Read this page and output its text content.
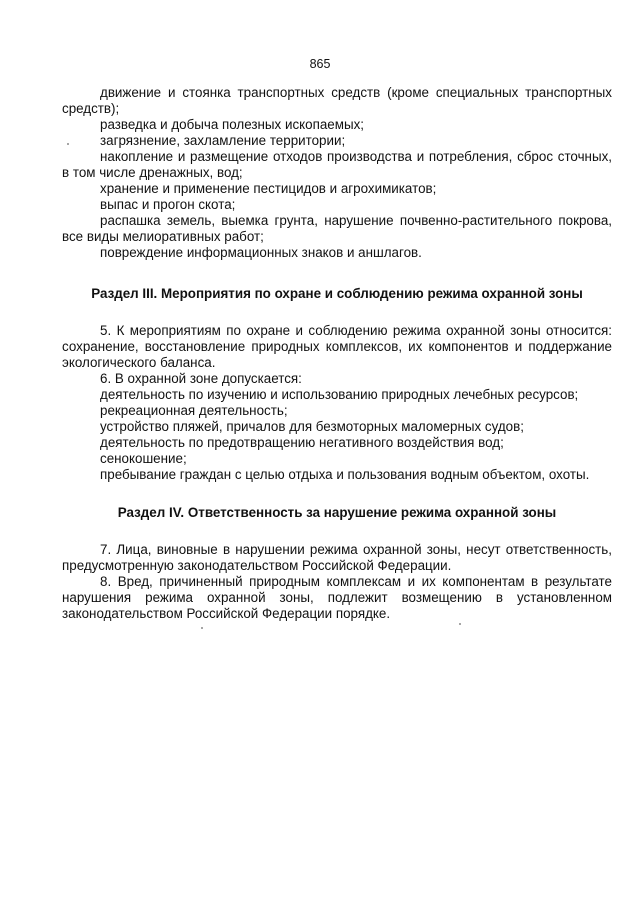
865

движение и стоянка транспортных средств (кроме специальных транспортных средств);

разведка и добыча полезных ископаемых;

загрязнение, захламление территории;

накопление и размещение отходов производства и потребления, сброс сточных, в том числе дренажных, вод;

хранение и применение пестицидов и агрохимикатов;

выпас и прогон скота;

распашка земель, выемка грунта, нарушение почвенно-растительного покрова, все виды мелиоративных работ;

повреждение информационных знаков и аншлагов.

Раздел III. Мероприятия по охране и соблюдению режима охранной зоны

5. К мероприятиям по охране и соблюдению режима охранной зоны относится: сохранение, восстановление природных комплексов, их компонентов и поддержание экологического баланса.

6. В охранной зоне допускается:

деятельность по изучению и использованию природных лечебных ресурсов;

рекреационная деятельность;

устройство пляжей, причалов для безмоторных маломерных судов;

деятельность по предотвращению негативного воздействия вод;

сенокошение;

пребывание граждан с целью отдыха и пользования водным объектом, охоты.

Раздел IV. Ответственность за нарушение режима охранной зоны

7. Лица, виновные в нарушении режима охранной зоны, несут ответственность, предусмотренную законодательством Российской Федерации.

8. Вред, причиненный природным комплексам и их компонентам в результате нарушения режима охранной зоны, подлежит возмещению в установленном законодательством Российской Федерации порядке.
